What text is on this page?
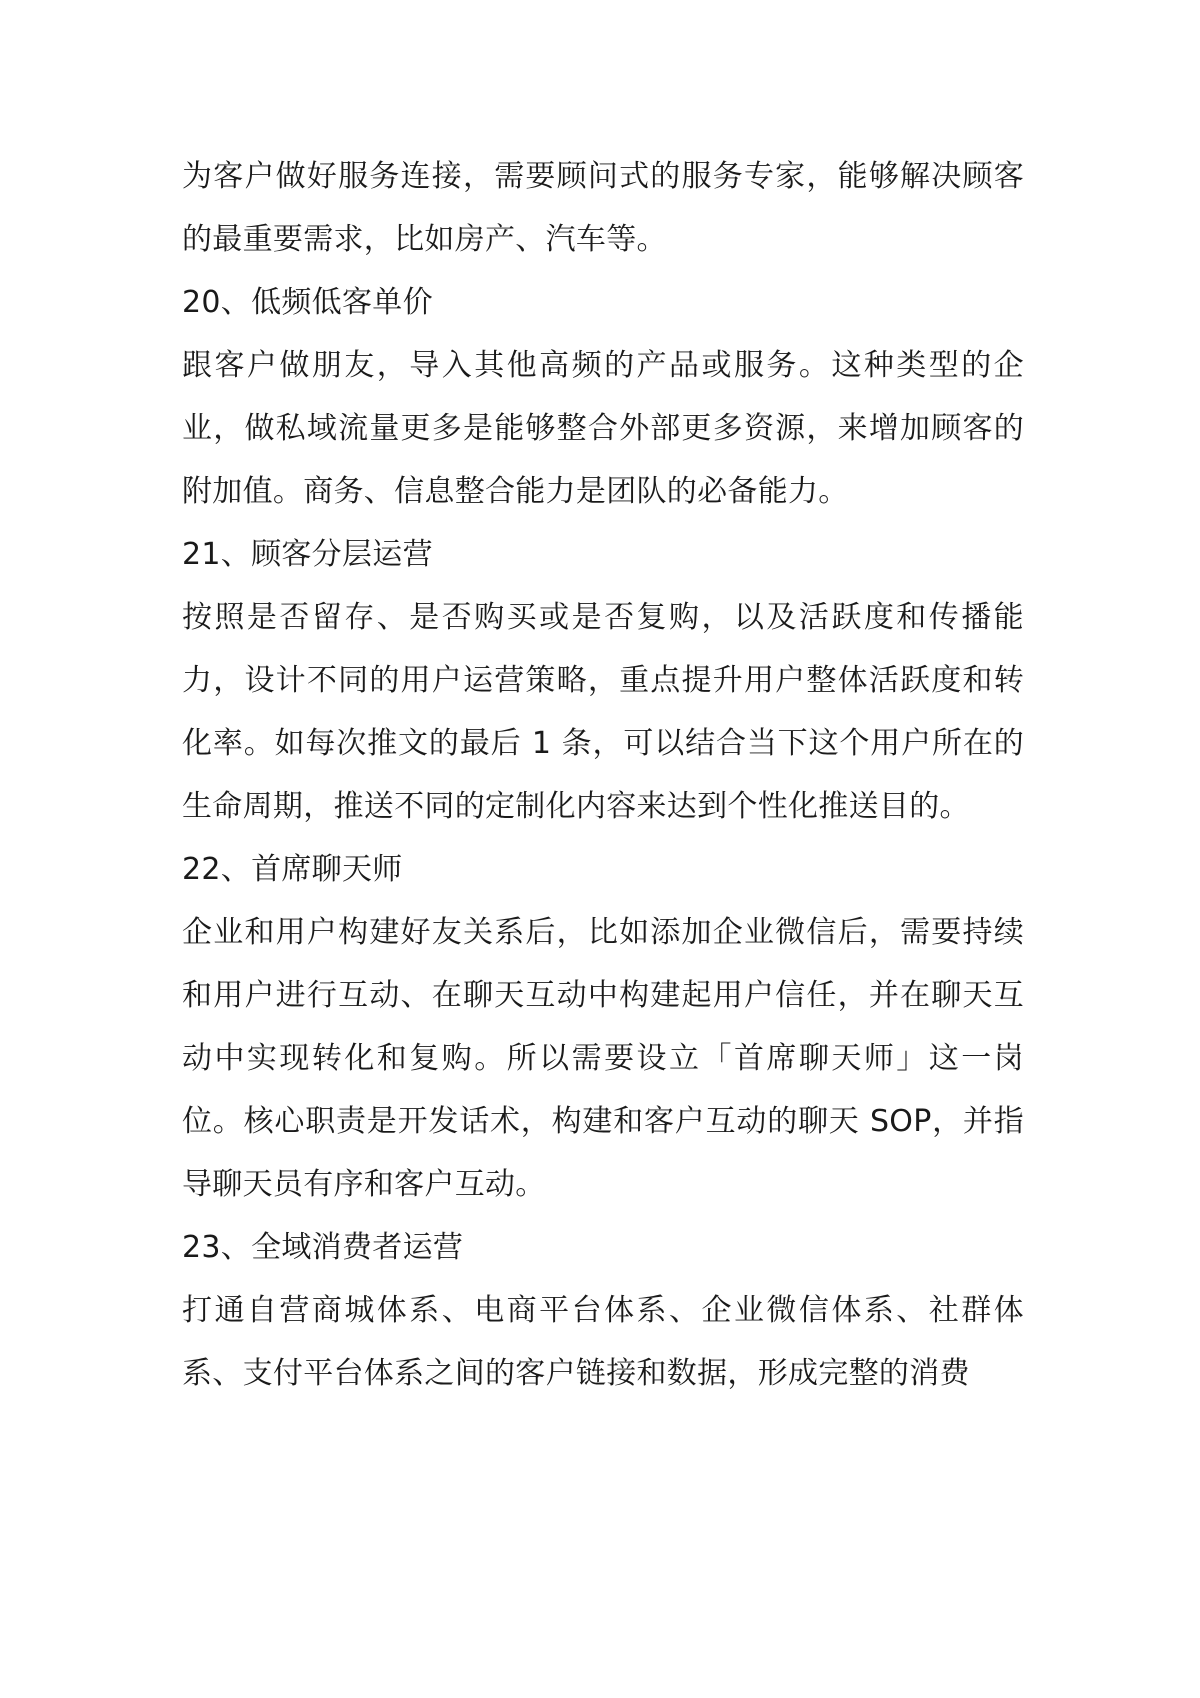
为客户做好服务连接，需要顾问式的服务专家，能够解决顾客的最重要需求，比如房产、汽车等。

20、低频低客单价

跟客户做朋友，导入其他高频的产品或服务。这种类型的企业，做私域流量更多是能够整合外部更多资源，来增加顾客的附加值。商务、信息整合能力是团队的必备能力。

21、顾客分层运营

按照是否留存、是否购买或是否复购，以及活跃度和传播能力，设计不同的用户运营策略，重点提升用户整体活跃度和转化率。如每次推文的最后 1 条，可以结合当下这个用户所在的生命周期，推送不同的定制化内容来达到个性化推送目的。

22、首席聊天师

企业和用户构建好友关系后，比如添加企业微信后，需要持续和用户进行互动、在聊天互动中构建起用户信任，并在聊天互动中实现转化和复购。所以需要设立「首席聊天师」这一岗位。核心职责是开发话术，构建和客户互动的聊天 SOP，并指导聊天员有序和客户互动。

23、全域消费者运营

打通自营商城体系、电商平台体系、企业微信体系、社群体系、支付平台体系之间的客户链接和数据，形成完整的消费
